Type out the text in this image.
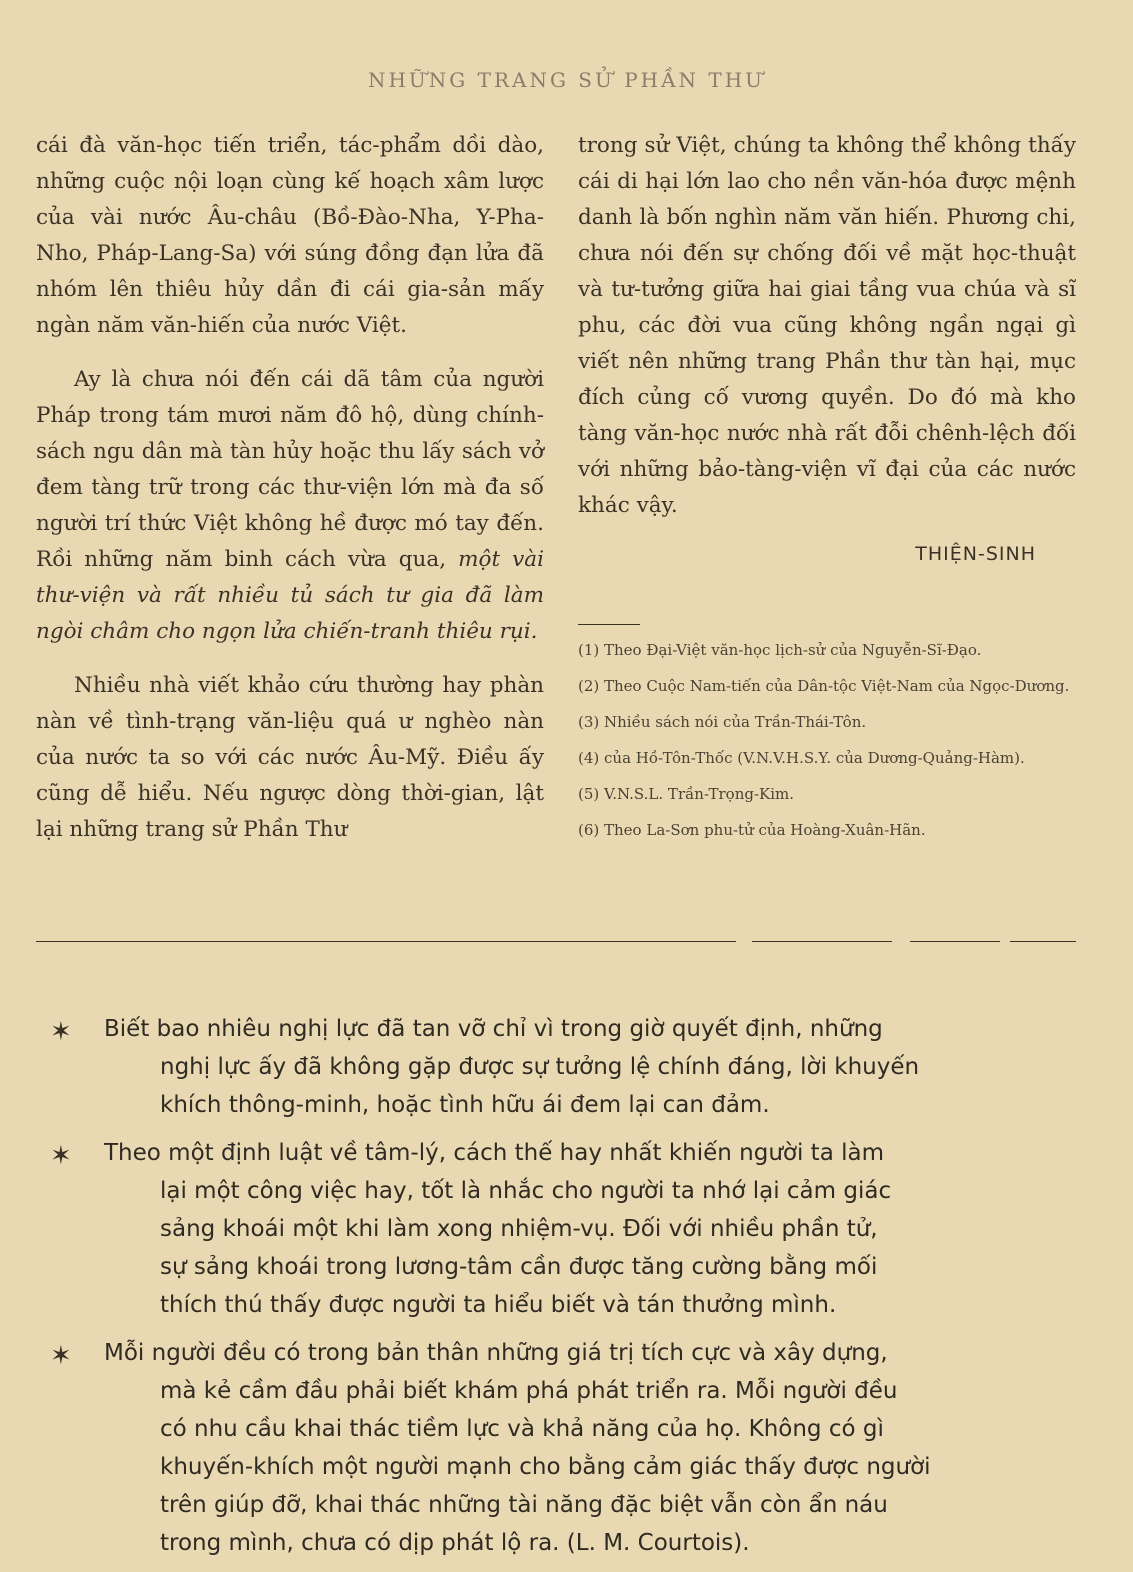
NHỮNG TRANG SỬ PHẦN THƯ

cái đà văn-học tiến triển, tác-phẩm dồi dào, những cuộc nội loạn cùng kế hoạch xâm lược của vài nước Âu-châu (Bồ-Đào-Nha, Y-Pha-Nho, Pháp-Lang-Sa) với súng đồng đạn lửa đã nhóm lên thiêu hủy dần đi cái gia-sản mấy ngàn năm văn-hiến của nước Việt.

Ay là chưa nói đến cái dã tâm của người Pháp trong tám mươi năm đô hộ, dùng chính-sách ngu dân mà tàn hủy hoặc thu lấy sách vở đem tàng trữ trong các thư-viện lớn mà đa số người trí thức Việt không hề được mó tay đến. Rồi những năm binh cách vừa qua, một vài thư-viện và rất nhiều tủ sách tư gia đã làm ngòi châm cho ngọn lửa chiến-tranh thiêu rụi.

Nhiều nhà viết khảo cứu thường hay phàn nàn về tình-trạng văn-liệu quá ư nghèo nàn của nước ta so với các nước Âu-Mỹ. Điều ấy cũng dễ hiểu. Nếu ngược dòng thời-gian, lật lại những trang sử Phần Thư

trong sử Việt, chúng ta không thể không thấy cái di hại lớn lao cho nền văn-hóa được mệnh danh là bốn nghìn năm văn hiến. Phương chi, chưa nói đến sự chống đối về mặt học-thuật và tư-tưởng giữa hai giai tầng vua chúa và sĩ phu, các đời vua cũng không ngần ngại gì viết nên những trang Phần thư tàn hại, mục đích củng cố vương quyền. Do đó mà kho tàng văn-học nước nhà rất đỗi chênh-lệch đối với những bảo-tàng-viện vĩ đại của các nước khác vậy.

THIỆN-SINH
(1) Theo Đại-Việt văn-học lịch-sử của Nguyễn-Sĩ-Đạo.
(2) Theo Cuộc Nam-tiến của Dân-tộc Việt-Nam của Ngọc-Dương.
(3) Nhiều sách nói của Trần-Thái-Tôn.
(4) của Hồ-Tôn-Thốc (V.N.V.H.S.Y. của Dương-Quảng-Hàm).
(5) V.N.S.L. Trần-Trọng-Kim.
(6) Theo La-Sơn phu-tử của Hoàng-Xuân-Hãn.
✶ Biết bao nhiêu nghị lực đã tan vỡ chỉ vì trong giờ quyết định, những
nghị lực ấy đã không gặp được sự tưởng lệ chính đáng, lời khuyến
khích thông-minh, hoặc tình hữu ái đem lại can đảm.
✶ Theo một định luật về tâm-lý, cách thế hay nhất khiến người ta làm
lại một công việc hay, tốt là nhắc cho người ta nhớ lại cảm giác
sảng khoái một khi làm xong nhiệm-vụ. Đối với nhiều phần tử,
sự sảng khoái trong lương-tâm cần được tăng cường bằng mối
thích thú thấy được người ta hiểu biết và tán thưởng mình.
✶ Mỗi người đều có trong bản thân những giá trị tích cực và xây dựng,
mà kẻ cầm đầu phải biết khám phá phát triển ra. Mỗi người đều
có nhu cầu khai thác tiềm lực và khả năng của họ. Không có gì
khuyến-khích một người mạnh cho bằng cảm giác thấy được người
trên giúp đỡ, khai thác những tài năng đặc biệt vẫn còn ẩn náu
trong mình, chưa có dịp phát lộ ra. (L. M. Courtois).
